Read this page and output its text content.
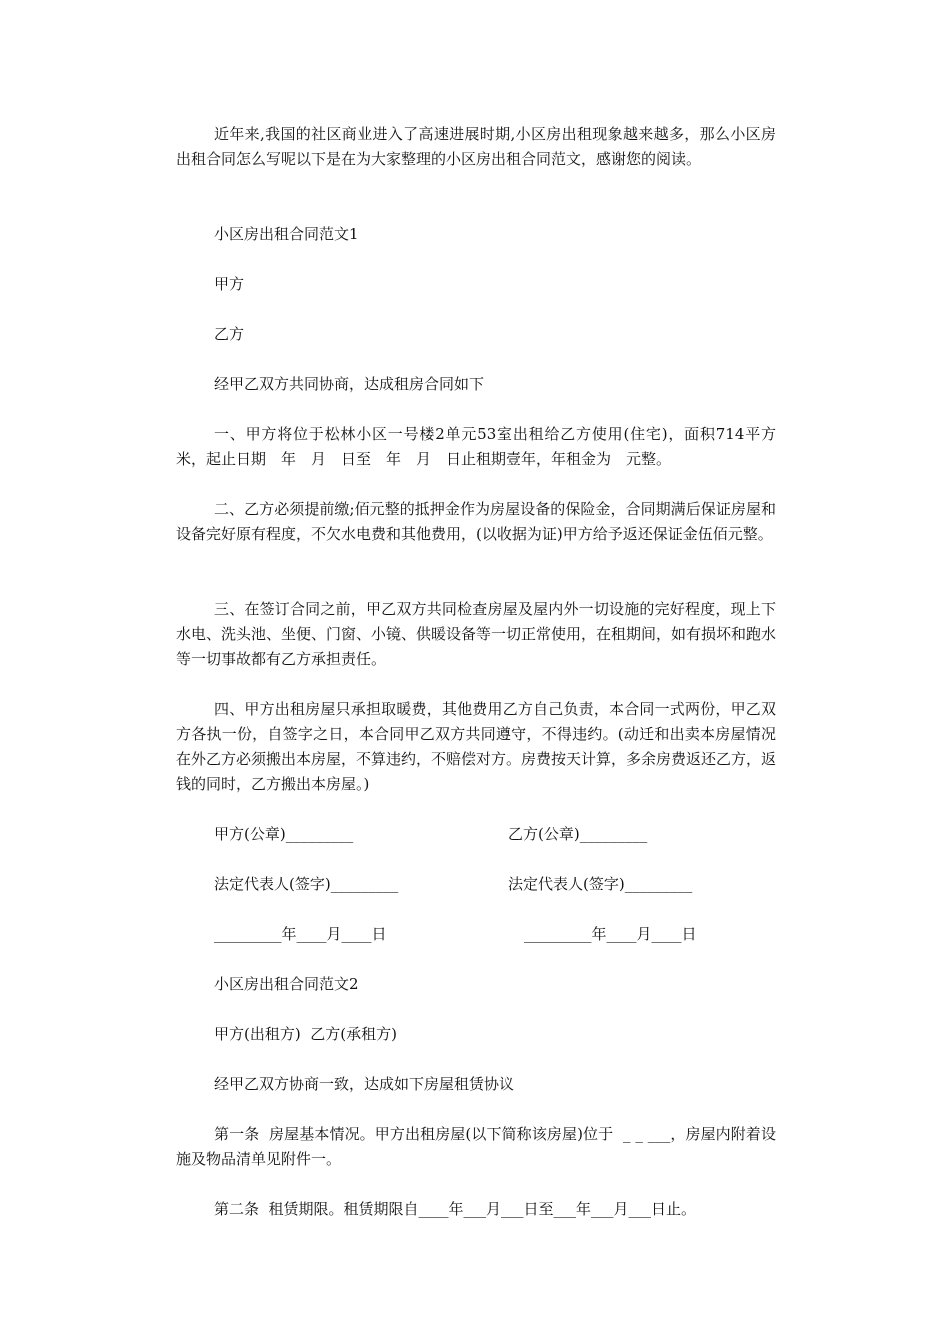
近年来,我国的社区商业进入了高速进展时期,小区房出租现象越来越多，那么小区房出租合同怎么写呢以下是在为大家整理的小区房出租合同范文，感谢您的阅读。

小区房出租合同范文1

甲方

乙方

经甲乙双方共同协商，达成租房合同如下

一、甲方将位于松林小区一号楼2单元53室出租给乙方使用(住宅)，面积714平方米，起止日期　年　月　日至　年　月　日止租期壹年，年租金为　元整。

二、乙方必须提前缴;佰元整的抵押金作为房屋设备的保险金，合同期满后保证房屋和设备完好原有程度，不欠水电费和其他费用，(以收据为证)甲方给予返还保证金伍佰元整。

三、在签订合同之前，甲乙双方共同检查房屋及屋内外一切设施的完好程度，现上下水电、洗头池、坐便、门窗、小镜、供暖设备等一切正常使用，在租期间，如有损坏和跑水等一切事故都有乙方承担责任。

四、甲方出租房屋只承担取暖费，其他费用乙方自己负责，本合同一式两份，甲乙双方各执一份，自签字之日，本合同甲乙双方共同遵守，不得违约。(动迁和出卖本房屋情况在外乙方必须搬出本房屋，不算违约，不赔偿对方。房费按天计算，多余房费返还乙方，返钱的同时，乙方搬出本房屋。)

甲方(公章)_________	乙方(公章)_________

法定代表人(签字)_________	法定代表人(签字)_________

_________年____月____日	_________年____月____日

小区房出租合同范文2

甲方(出租方)  乙方(承租方)

经甲乙双方协商一致，达成如下房屋租赁协议

第一条  房屋基本情况。甲方出租房屋(以下简称该房屋)位于  _ _ ___，房屋内附着设施及物品清单见附件一。

第二条  租赁期限。租赁期限自____年___月___日至___年___月___日止。
